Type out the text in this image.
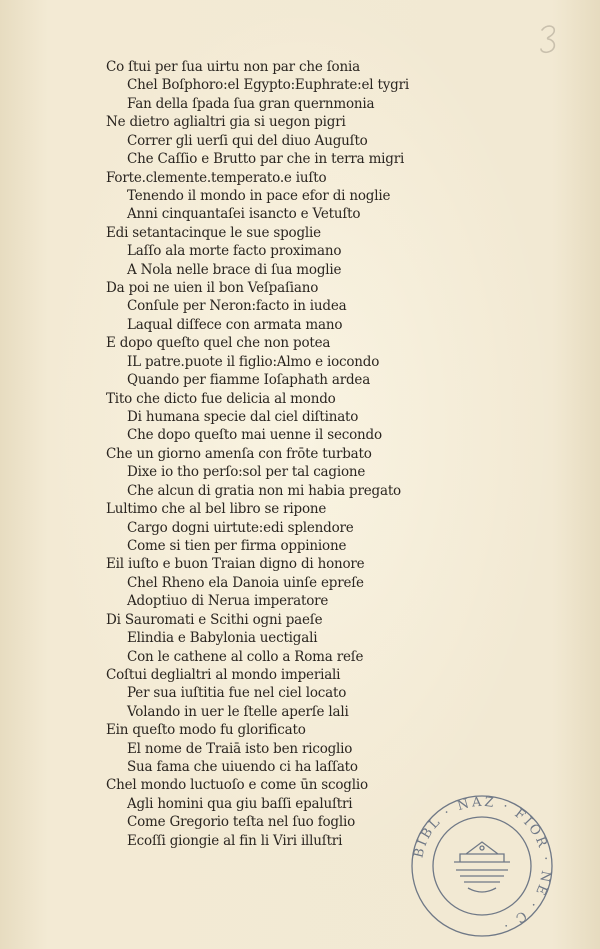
Co ſtui per ſua uirtu non par che ſonia
Chel Boſphoro:el Egypto:Euphrate:el tygri
Fan della ſpada ſua gran quernmonia
Ne dietro aglialtri gia si uegon pigri
Correr gli uerſi qui del diuo Auguſto
Che Caſſio e Brutto par che in terra migri
Forte.clemente.temperato.e iuſto
Tenendo il mondo in pace efor di noglie
Anni cinquantaſei isancto e Vetuſto
Edi setantacinque le sue spoglie
Laſſo ala morte facto proximano
A Nola nelle brace di ſua moglie
Da poi ne uien il bon Veſpaſiano
Conſule per Neron:facto in iudea
Laqual diſfece con armata mano
E dopo queſto quel che non potea
IL patre.puote il figlio:Almo e iocondo
Quando per fiamme Ioſaphath ardea
Tito che dicto fue delicia al mondo
Di humana specie dal ciel diſtinato
Che dopo queſto mai uenne il secondo
Che un giorno amenſa con frōte turbato
Dixe io tho perſo:sol per tal cagione
Che alcun di gratia non mi habia pregato
Lultimo che al bel libro se ripone
Cargo dogni uirtute:edi splendore
Come si tien per firma oppinione
Eil iuſto e buon Traian digno di honore
Chel Rheno ela Danoia uinſe epreſe
Adoptiuo di Nerua imperatore
Di Sauromati e Scithi ogni paeſe
Elindia e Babylonia uectigali
Con le cathene al collo a Roma reſe
Coſtui deglialtri al mondo imperiali
Per sua iuſtitia fue nel ciel locato
Volando in uer le ſtelle aperſe lali
Ein queſto modo fu glorificato
El nome de Traiā isto ben ricoglio
Sua fama che uiuendo ci ha laſſato
Chel mondo luctuoſo e come ūn scoglio
Agli homini qua giu baſſi epaluſtri
Come Gregorio teſta nel ſuo foglio
Ecoſſi giongie al fin li Viri illuſtri
BIBL · NAZ · FIOR · NE · C ·
